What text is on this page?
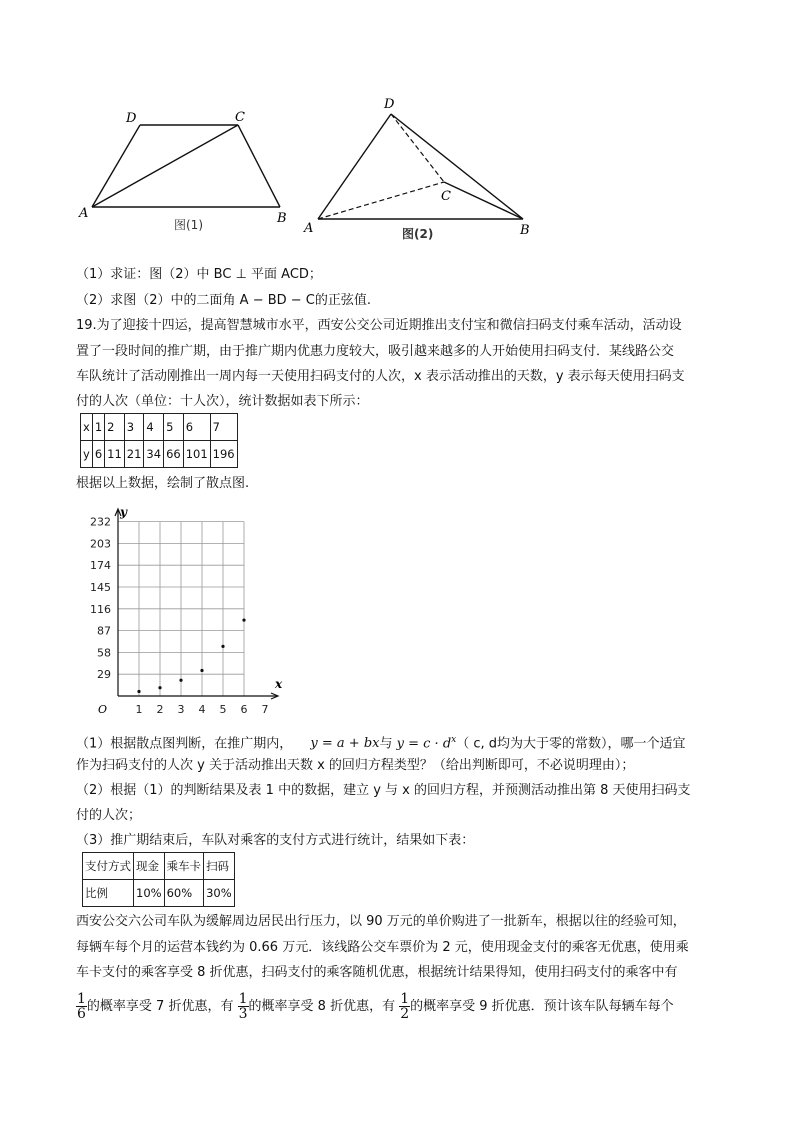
D	C
A	B
图(1)
D
C
A	B
图(2)
（1）求证：图（2）中 BC ⊥ 平面 ACD；
（2）求图（2）中的二面角 A − BD − C的正弦值.
19.为了迎接十四运，提高智慧城市水平，西安公交公司近期推出支付宝和微信扫码支付乘车活动，活动设
置了一段时间的推广期，由于推广期内优惠力度较大，吸引越来越多的人开始使用扫码支付．某线路公交
车队统计了活动刚推出一周内每一天使用扫码支付的人次，x 表示活动推出的天数，y 表示每天使用扫码支
付的人次（单位：十人次），统计数据如表下所示：
x	1	2	3	4	5	6	7
y	6	11	21	34	66	101	196
根据以上数据，绘制了散点图.
29
58
87
116
145
174
203
232
y
x
O	1 2 3 4 5 6 7
（1）根据散点图判断，在推广期内， y = a + bx与 $y = c \cdot d^x$（ c, d均为大于零的常数），哪一个适宜
作为扫码支付的人次 y 关于活动推出天数 x 的回归方程类型？（给出判断即可，不必说明理由）；
（2）根据（1）的判断结果及表 1 中的数据，建立 y 与 x 的回归方程，并预测活动推出第 8 天使用扫码支
付的人次；
（3）推广期结束后，车队对乘客的支付方式进行统计，结果如下表：
支付方式	现金	乘车卡	扫码
比例	10%	60%	30%
西安公交六公司车队为缓解周边居民出行压力，以 90 万元的单价购进了一批新车，根据以往的经验可知，
每辆车每个月的运营本钱约为 0.66 万元．该线路公交车票价为 2 元，使用现金支付的乘客无优惠，使用乘
车卡支付的乘客享受 8 折优惠，扫码支付的乘客随机优惠，根据统计结果得知，使用扫码支付的乘客中有
$\frac{1}{6}$ 的概率享受 7 折优惠，有 $\frac{1}{3}$ 的概率享受 8 折优惠，有 $\frac{1}{2}$ 的概率享受 9 折优惠．预计该车队每辆车每个
